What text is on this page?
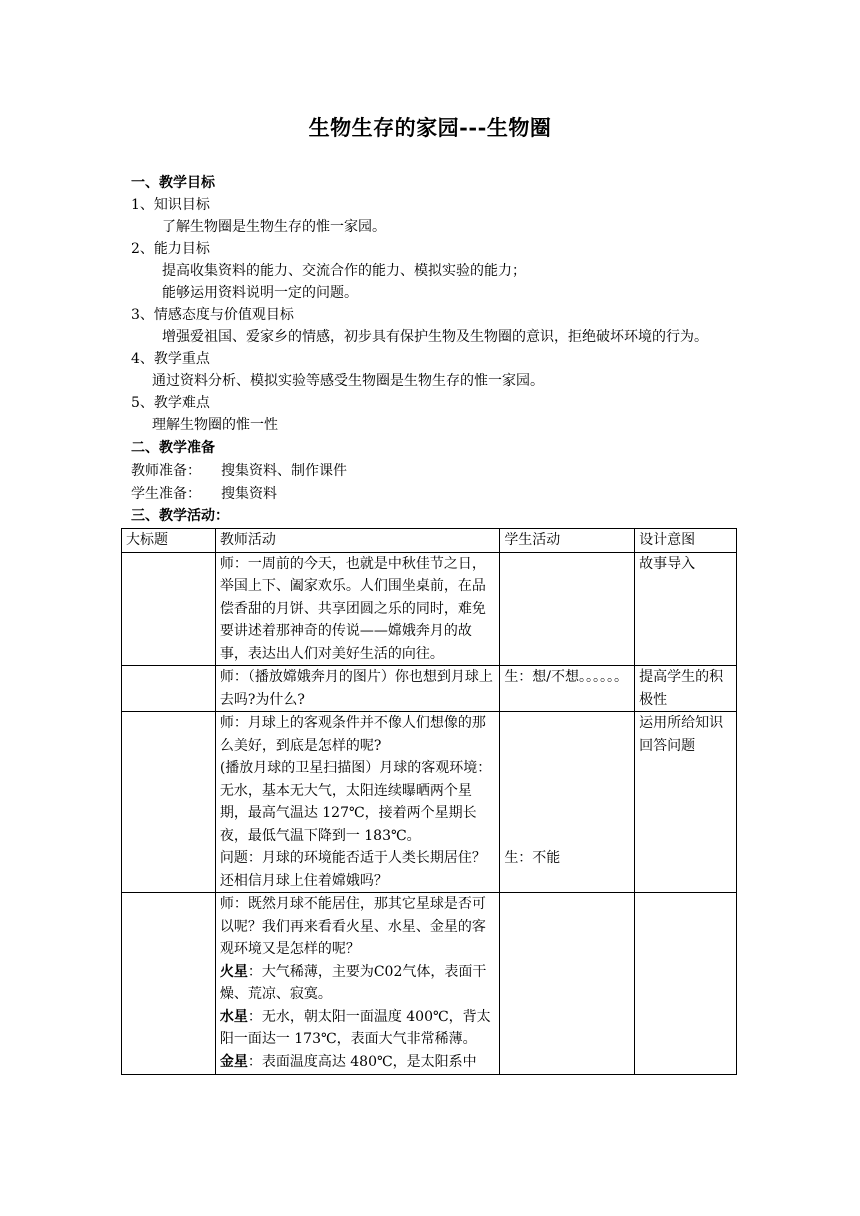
生物生存的家园---生物圈
一、教学目标
1、知识目标
了解生物圈是生物生存的惟一家园。
2、能力目标
提高收集资料的能力、交流合作的能力、模拟实验的能力；
能够运用资料说明一定的问题。
3、情感态度与价值观目标
增强爱祖国、爱家乡的情感，初步具有保护生物及生物圈的意识，拒绝破坏环境的行为。
4、教学重点
通过资料分析、模拟实验等感受生物圈是生物生存的惟一家园。
5、教学难点
理解生物圈的惟一性
二、教学准备
教师准备： 搜集资料、制作课件
学生准备： 搜集资料
三、教学活动：
大标题	教师活动	学生活动	设计意图
	师：一周前的今天，也就是中秋佳节之日，举国上下、阖家欢乐。人们围坐桌前，在品偿香甜的月饼、共享团圆之乐的同时，难免要讲述着那神奇的传说——嫦娥奔月的故事，表达出人们对美好生活的向往。		故事导入
	师：（播放嫦娥奔月的图片）你也想到月球上去吗?为什么?	生：想/不想。。。。。。	提高学生的积极性

	师：月球上的客观条件并不像人们想像的那么美好，到底是怎样的呢?
(播放月球的卫星扫描图）月球的客观环境：无水，基本无大气，太阳连续曝晒两个星期，最高气温达 127℃，接着两个星期长夜，最低气温下降到一 183℃。
问题：月球的环境能否适于人类长期居住？还相信月球上住着嫦娥吗？	生：不能	运用所给知识回答问题

	师：既然月球不能居住，那其它星球是否可以呢？我们再来看看火星、水星、金星的客观环境又是怎样的呢？
火星：大气稀薄，主要为C02气体，表面干燥、荒凉、寂寞。
水星：无水，朝太阳一面温度 400℃，背太阳一面达一 173℃，表面大气非常稀薄。
金星：表面温度高达 480℃，是太阳系中		
